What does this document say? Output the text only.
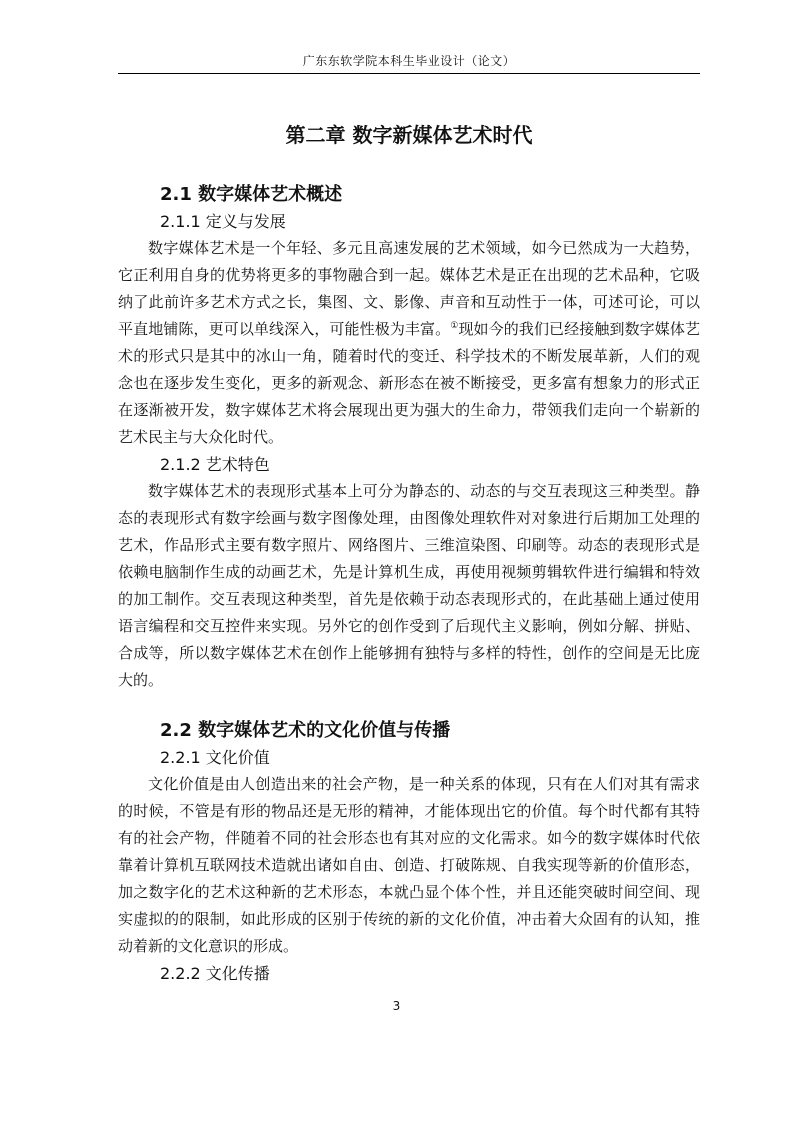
广东东软学院本科生毕业设计（论文）
第二章 数字新媒体艺术时代
2.1 数字媒体艺术概述
2.1.1 定义与发展

数字媒体艺术是一个年轻、多元且高速发展的艺术领域，如今已然成为一大趋势，它正利用自身的优势将更多的事物融合到一起。媒体艺术是正在出现的艺术品种，它吸纳了此前许多艺术方式之长，集图、文、影像、声音和互动性于一体，可述可论，可以平直地铺陈，更可以单线深入，可能性极为丰富。①现如今的我们已经接触到数字媒体艺术的形式只是其中的冰山一角，随着时代的变迁、科学技术的不断发展革新，人们的观念也在逐步发生变化，更多的新观念、新形态在被不断接受，更多富有想象力的形式正在逐渐被开发，数字媒体艺术将会展现出更为强大的生命力，带领我们走向一个崭新的艺术民主与大众化时代。

2.1.2 艺术特色

数字媒体艺术的表现形式基本上可分为静态的、动态的与交互表现这三种类型。静态的表现形式有数字绘画与数字图像处理，由图像处理软件对对象进行后期加工处理的艺术，作品形式主要有数字照片、网络图片、三维渲染图、印刷等。动态的表现形式是依赖电脑制作生成的动画艺术，先是计算机生成，再使用视频剪辑软件进行编辑和特效的加工制作。交互表现这种类型，首先是依赖于动态表现形式的，在此基础上通过使用语言编程和交互控件来实现。另外它的创作受到了后现代主义影响，例如分解、拼贴、合成等，所以数字媒体艺术在创作上能够拥有独特与多样的特性，创作的空间是无比庞大的。

2.2 数字媒体艺术的文化价值与传播
2.2.1 文化价值

文化价值是由人创造出来的社会产物，是一种关系的体现，只有在人们对其有需求的时候，不管是有形的物品还是无形的精神，才能体现出它的价值。每个时代都有其特有的社会产物，伴随着不同的社会形态也有其对应的文化需求。如今的数字媒体时代依靠着计算机互联网技术造就出诸如自由、创造、打破陈规、自我实现等新的价值形态，加之数字化的艺术这种新的艺术形态，本就凸显个体个性，并且还能突破时间空间、现实虚拟的的限制，如此形成的区别于传统的新的文化价值，冲击着大众固有的认知，推动着新的文化意识的形成。

2.2.2 文化传播
3
